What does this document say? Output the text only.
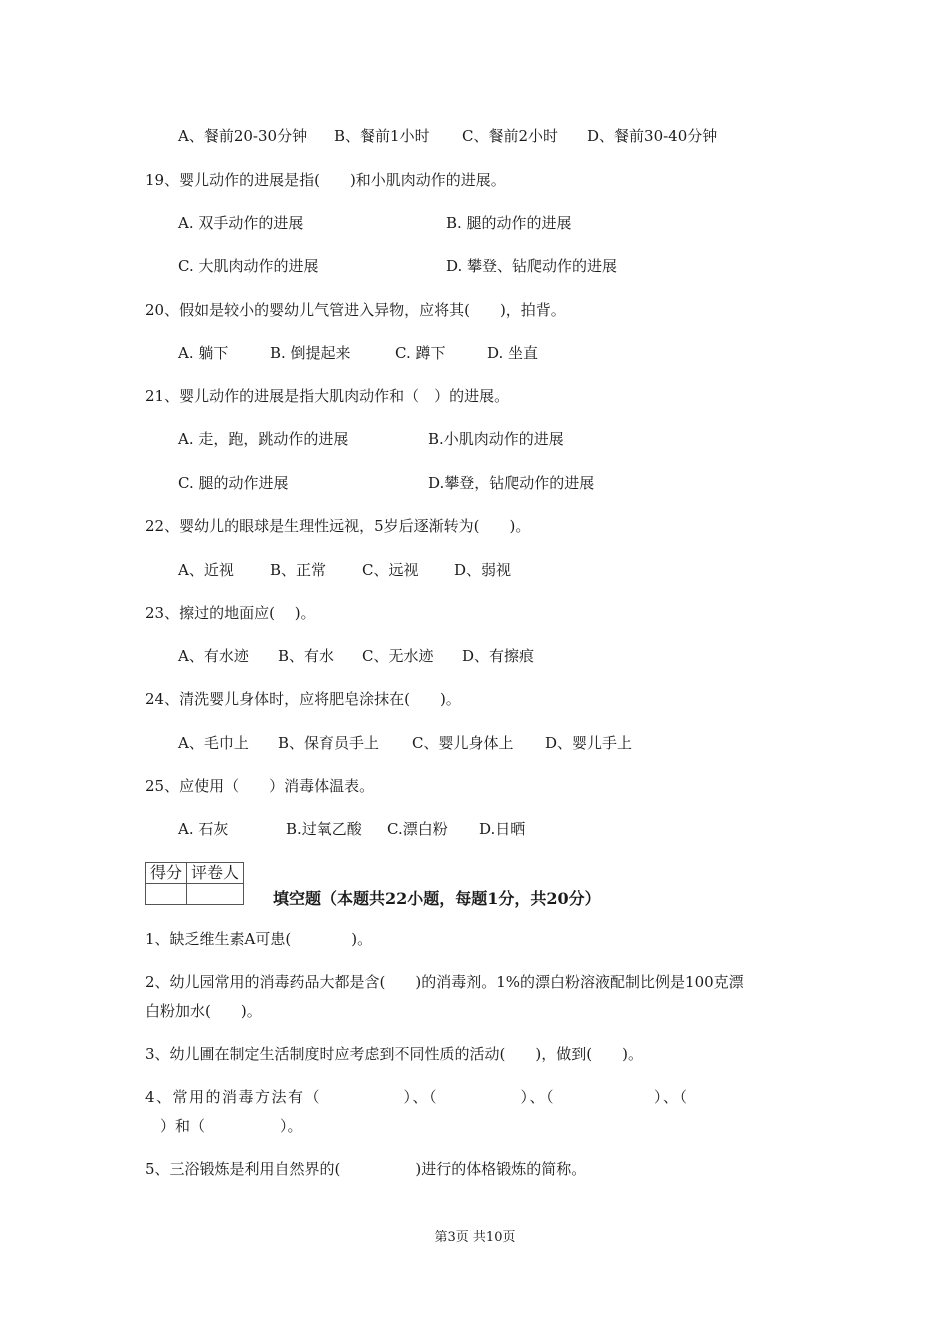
A、餐前20-30分钟 B、餐前1小时 C、餐前2小时 D、餐前30-40分钟
19、婴儿动作的进展是指(　　)和小肌肉动作的进展。
A. 双手动作的进展	B. 腿的动作的进展
C. 大肌肉动作的进展	D. 攀登、钻爬动作的进展
20、假如是较小的婴幼儿气管进入异物，应将其(　　)，拍背。
A. 躺下	B. 倒提起来	C. 蹲下	D. 坐直
21、婴儿动作的进展是指大肌肉动作和（　）的进展。
A. 走，跑，跳动作的进展	B.小肌肉动作的进展
C. 腿的动作进展	D.攀登，钻爬动作的进展
22、婴幼儿的眼球是生理性远视，5岁后逐渐转为(　　)。
A、近视 B、正常 C、远视 D、弱视
23、擦过的地面应(　 )。
A、有水迹 B、有水 C、无水迹 D、有擦痕
24、清洗婴儿身体时，应将肥皂涂抹在(　　)。
A、毛巾上 B、保育员手上 C、婴儿身体上 D、婴儿手上
25、应使用（　　）消毒体温表。
A. 石灰	B.过氧乙酸 C.漂白粉 D.日晒
得分	评卷人

填空题（本题共22小题，每题1分，共20分）
1、缺乏维生素A可患(　　　　)。
2、幼儿园常用的消毒药品大都是含(　　)的消毒剂。1%的漂白粉溶液配制比例是100克漂
白粉加水(　　)。
3、幼儿圃在制定生活制度时应考虑到不同性质的活动(　　)，做到(　　)。
4、常用的消毒方法有（　　　　　）、（　　　　　）、（　　　　　　）、（
　）和（　　　　　）。
5、三浴锻炼是利用自然界的(　　　　　)进行的体格锻炼的简称。
第3页 共10页
